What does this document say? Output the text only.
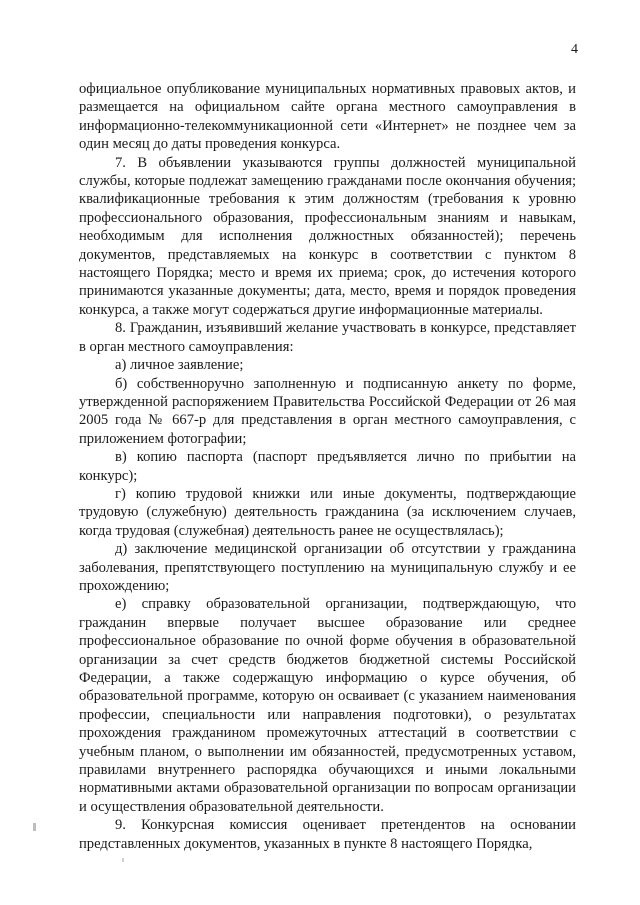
4

официальное опубликование муниципальных нормативных правовых актов, и размещается на официальном сайте органа местного самоуправления в информационно-телекоммуникационной сети «Интернет» не позднее чем за один месяц до даты проведения конкурса.

7. В объявлении указываются группы должностей муниципальной службы, которые подлежат замещению гражданами после окончания обучения; квалификационные требования к этим должностям (требования к уровню профессионального образования, профессиональным знаниям и навыкам, необходимым для исполнения должностных обязанностей); перечень документов, представляемых на конкурс в соответствии с пунктом 8 настоящего Порядка; место и время их приема; срок, до истечения которого принимаются указанные документы; дата, место, время и порядок проведения конкурса, а также могут содержаться другие информационные материалы.

8. Гражданин, изъявивший желание участвовать в конкурсе, представляет в орган местного самоуправления:

а) личное заявление;

б) собственноручно заполненную и подписанную анкету по форме, утвержденной распоряжением Правительства Российской Федерации от 26 мая 2005 года № 667-р для представления в орган местного самоуправления, с приложением фотографии;

в) копию паспорта (паспорт предъявляется лично по прибытии на конкурс);

г) копию трудовой книжки или иные документы, подтверждающие трудовую (служебную) деятельность гражданина (за исключением случаев, когда трудовая (служебная) деятельность ранее не осуществлялась);

д) заключение медицинской организации об отсутствии у гражданина заболевания, препятствующего поступлению на муниципальную службу и ее прохождению;

е) справку образовательной организации, подтверждающую, что гражданин впервые получает высшее образование или среднее профессиональное образование по очной форме обучения в образовательной организации за счет средств бюджетов бюджетной системы Российской Федерации, а также содержащую информацию о курсе обучения, об образовательной программе, которую он осваивает (с указанием наименования профессии, специальности или направления подготовки), о результатах прохождения гражданином промежуточных аттестаций в соответствии с учебным планом, о выполнении им обязанностей, предусмотренных уставом, правилами внутреннего распорядка обучающихся и иными локальными нормативными актами образовательной организации по вопросам организации и осуществления образовательной деятельности.

9. Конкурсная комиссия оценивает претендентов на основании представленных документов, указанных в пункте 8 настоящего Порядка,
